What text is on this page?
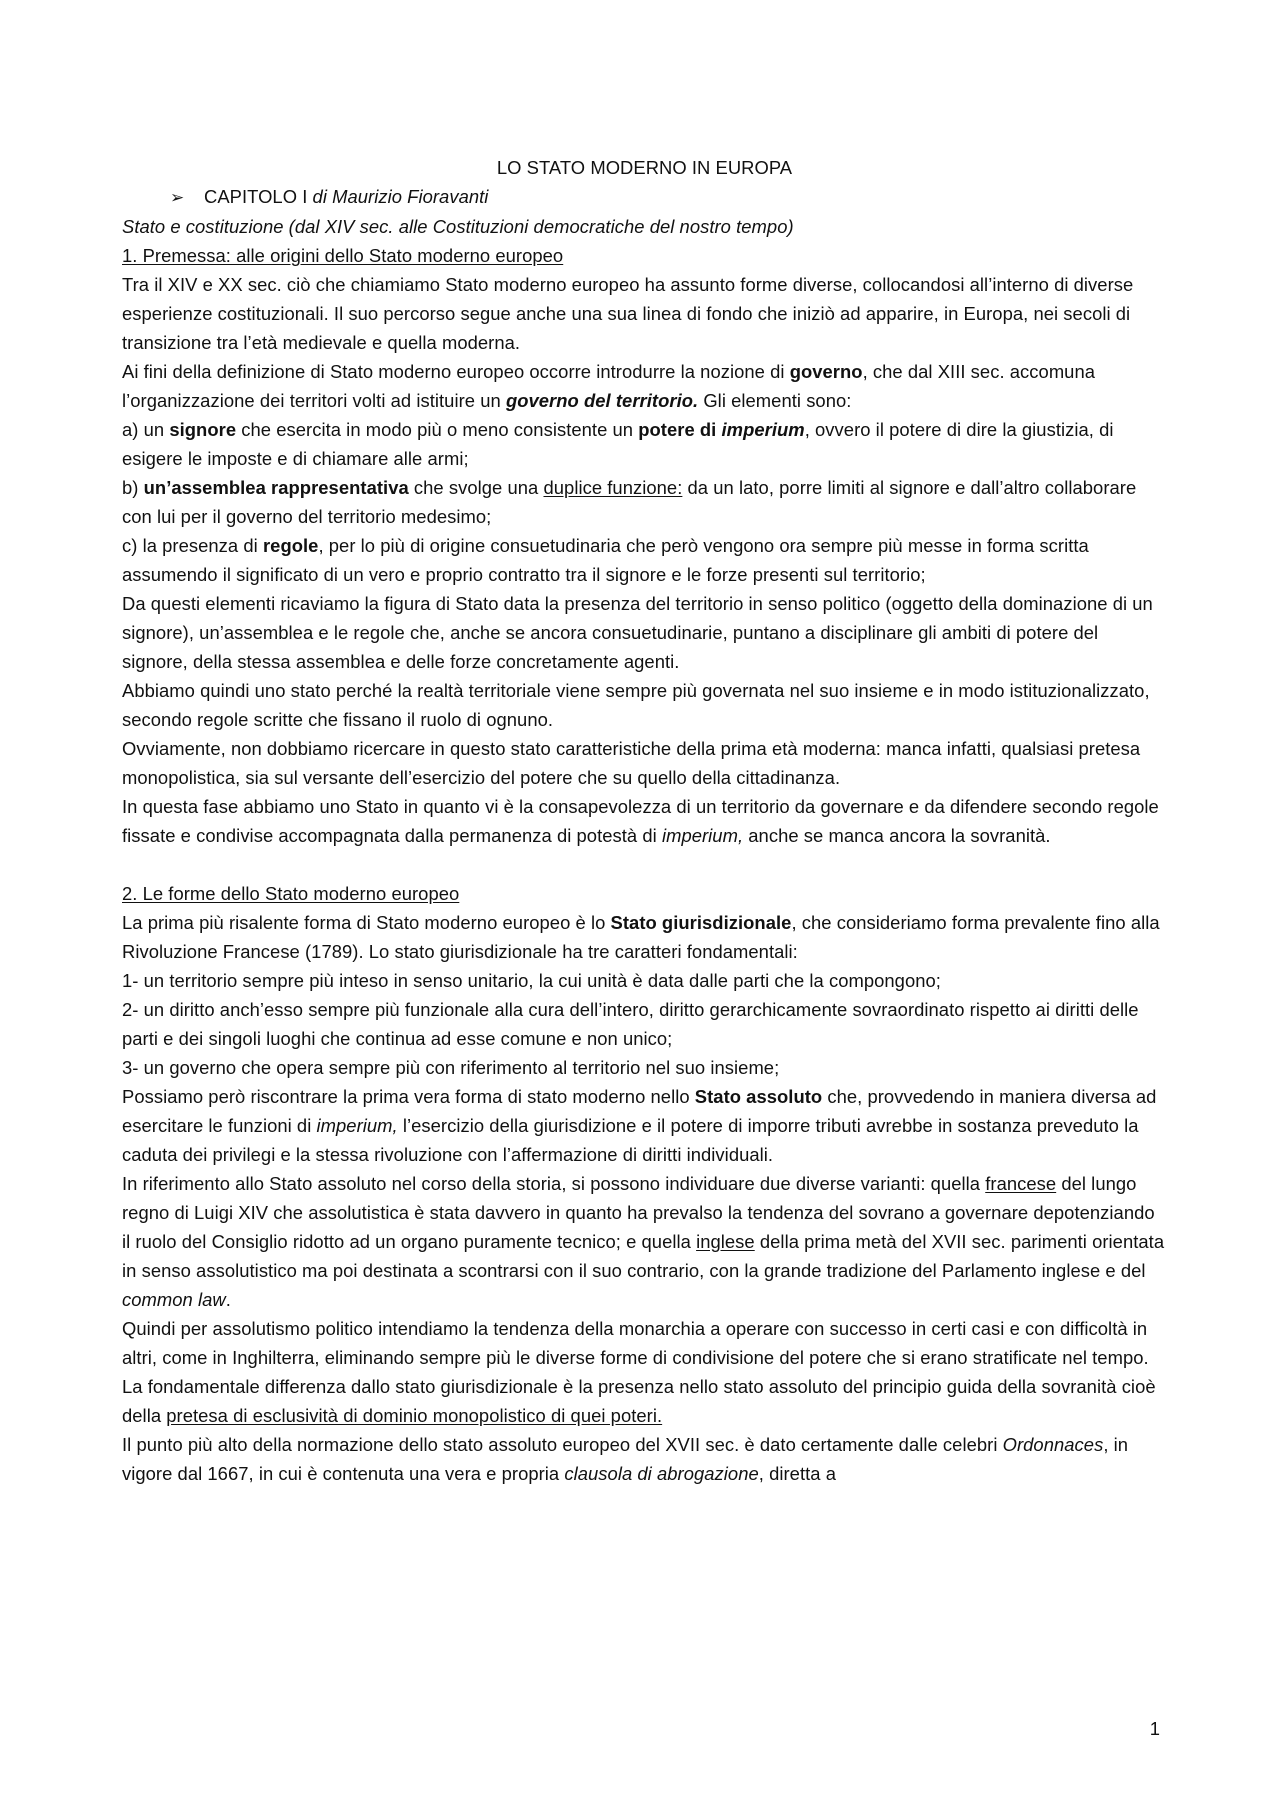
LO STATO MODERNO IN EUROPA
➢ CAPITOLO I di Maurizio Fioravanti
Stato e costituzione (dal XIV sec. alle Costituzioni democratiche del nostro tempo)
1. Premessa: alle origini dello Stato moderno europeo
Tra il XIV e XX sec. ciò che chiamiamo Stato moderno europeo ha assunto forme diverse, collocandosi all’interno di diverse esperienze costituzionali. Il suo percorso segue anche una sua linea di fondo che iniziò ad apparire, in Europa, nei secoli di transizione tra l’età medievale e quella moderna.
Ai fini della definizione di Stato moderno europeo occorre introdurre la nozione di governo, che dal XIII sec. accomuna l’organizzazione dei territori volti ad istituire un governo del territorio. Gli elementi sono:
a) un signore che esercita in modo più o meno consistente un potere di imperium, ovvero il potere di dire la giustizia, di esigere le imposte e di chiamare alle armi;
b) un’assemblea rappresentativa che svolge una duplice funzione: da un lato, porre limiti al signore e dall’altro collaborare con lui per il governo del territorio medesimo;
c) la presenza di regole, per lo più di origine consuetudinaria che però vengono ora sempre più messe in forma scritta assumendo il significato di un vero e proprio contratto tra il signore e le forze presenti sul territorio;
Da questi elementi ricaviamo la figura di Stato data la presenza del territorio in senso politico (oggetto della dominazione di un signore), un’assemblea e le regole che, anche se ancora consuetudinarie, puntano a disciplinare gli ambiti di potere del signore, della stessa assemblea e delle forze concretamente agenti.
Abbiamo quindi uno stato perché la realtà territoriale viene sempre più governata nel suo insieme e in modo istituzionalizzato, secondo regole scritte che fissano il ruolo di ognuno.
Ovviamente, non dobbiamo ricercare in questo stato caratteristiche della prima età moderna: manca infatti, qualsiasi pretesa monopolistica, sia sul versante dell’esercizio del potere che su quello della cittadinanza.
In questa fase abbiamo uno Stato in quanto vi è la consapevolezza di un territorio da governare e da difendere secondo regole fissate e condivise accompagnata dalla permanenza di potestà di imperium, anche se manca ancora la sovranità.
2. Le forme dello Stato moderno europeo
La prima più risalente forma di Stato moderno europeo è lo Stato giurisdizionale, che consideriamo forma prevalente fino alla Rivoluzione Francese (1789). Lo stato giurisdizionale ha tre caratteri fondamentali:
1- un territorio sempre più inteso in senso unitario, la cui unità è data dalle parti che la compongono;
2- un diritto anch’esso sempre più funzionale alla cura dell’intero, diritto gerarchicamente sovraordinato rispetto ai diritti delle parti e dei singoli luoghi che continua ad esse comune e non unico;
3- un governo che opera sempre più con riferimento al territorio nel suo insieme;
Possiamo però riscontrare la prima vera forma di stato moderno nello Stato assoluto che, provvedendo in maniera diversa ad esercitare le funzioni di imperium, l’esercizio della giurisdizione e il potere di imporre tributi avrebbe in sostanza preveduto la caduta dei privilegi e la stessa rivoluzione con l’affermazione di diritti individuali.
In riferimento allo Stato assoluto nel corso della storia, si possono individuare due diverse varianti: quella francese del lungo regno di Luigi XIV che assolutistica è stata davvero in quanto ha prevalso la tendenza del sovrano a governare depotenziando il ruolo del Consiglio ridotto ad un organo puramente tecnico; e quella inglese della prima metà del XVII sec. parimenti orientata in senso assolutistico ma poi destinata a scontrarsi con il suo contrario, con la grande tradizione del Parlamento inglese e del common law.
Quindi per assolutismo politico intendiamo la tendenza della monarchia a operare con successo in certi casi e con difficoltà in altri, come in Inghilterra, eliminando sempre più le diverse forme di condivisione del potere che si erano stratificate nel tempo.
La fondamentale differenza dallo stato giurisdizionale è la presenza nello stato assoluto del principio guida della sovranità cioè della pretesa di esclusività di dominio monopolistico di quei poteri.
Il punto più alto della normazione dello stato assoluto europeo del XVII sec. è dato certamente dalle celebri Ordonnaces, in vigore dal 1667, in cui è contenuta una vera e propria clausola di abrogazione, diretta a
1
